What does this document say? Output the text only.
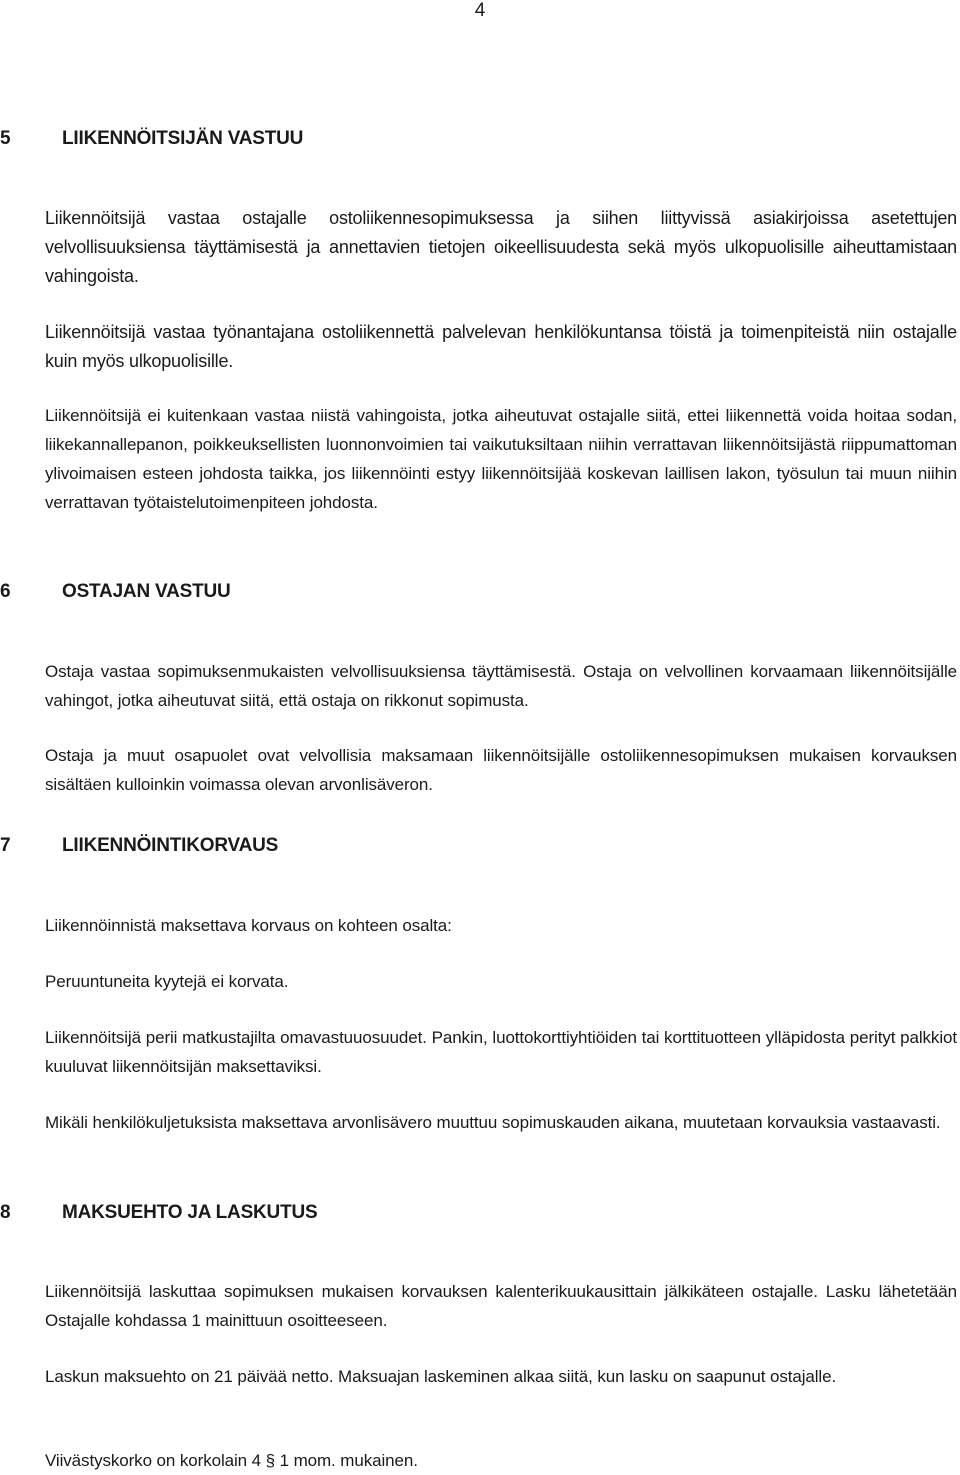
4
5	LIIKENNÖITSIJÄN VASTUU

Liikennöitsijä vastaa ostajalle ostoliikennesopimuksessa ja siihen liittyvissä asiakirjoissa asetettujen velvollisuuksiensa täyttämisestä ja annettavien tietojen oikeellisuudesta sekä myös ulkopuolisille aiheuttamistaan vahingoista.

Liikennöitsijä vastaa työnantajana ostoliikennettä palvelevan henkilökuntansa töistä ja toimenpiteistä niin ostajalle kuin myös ulkopuolisille.

Liikennöitsijä ei kuitenkaan vastaa niistä vahingoista, jotka aiheutuvat ostajalle siitä, ettei liikennettä voida hoitaa sodan, liikekannallepanon, poikkeuksellisten luonnonvoimien tai vaikutuksiltaan niihin verrattavan liikennöitsijästä riippumattoman ylivoimaisen esteen johdosta taikka, jos liikennöinti estyy liikennöitsijää koskevan laillisen lakon, työsulun tai muun niihin verrattavan työtaistelutoimenpiteen johdosta.

6	OSTAJAN VASTUU

Ostaja vastaa sopimuksenmukaisten velvollisuuksiensa täyttämisestä. Ostaja on velvollinen korvaamaan liikennöitsijälle vahingot, jotka aiheutuvat siitä, että ostaja on rikkonut sopimusta.

Ostaja ja muut osapuolet ovat velvollisia maksamaan liikennöitsijälle ostoliikennesopimuksen mukaisen korvauksen sisältäen kulloinkin voimassa olevan arvonlisäveron.

7	LIIKENNÖINTIKORVAUS

Liikennöinnistä maksettava korvaus on kohteen osalta:

Peruuntuneita kyytejä ei korvata.

Liikennöitsijä perii matkustajilta omavastuuosuudet. Pankin, luottokorttiyhtiöiden tai korttituotteen ylläpidosta perityt palkkiot kuuluvat liikennöitsijän maksettaviksi.

Mikäli henkilökuljetuksista maksettava arvonlisävero muuttuu sopimuskauden aikana, muutetaan korvauksia vastaavasti.

8	MAKSUEHTO JA LASKUTUS

Liikennöitsijä laskuttaa sopimuksen mukaisen korvauksen kalenterikuukausittain jälkikäteen ostajalle. Lasku lähetetään Ostajalle kohdassa 1 mainittuun osoitteeseen.

Laskun maksuehto on 21 päivää netto. Maksuajan laskeminen alkaa siitä, kun lasku on saapunut ostajalle.

Viivästyskorko on korkolain 4 § 1 mom. mukainen.
